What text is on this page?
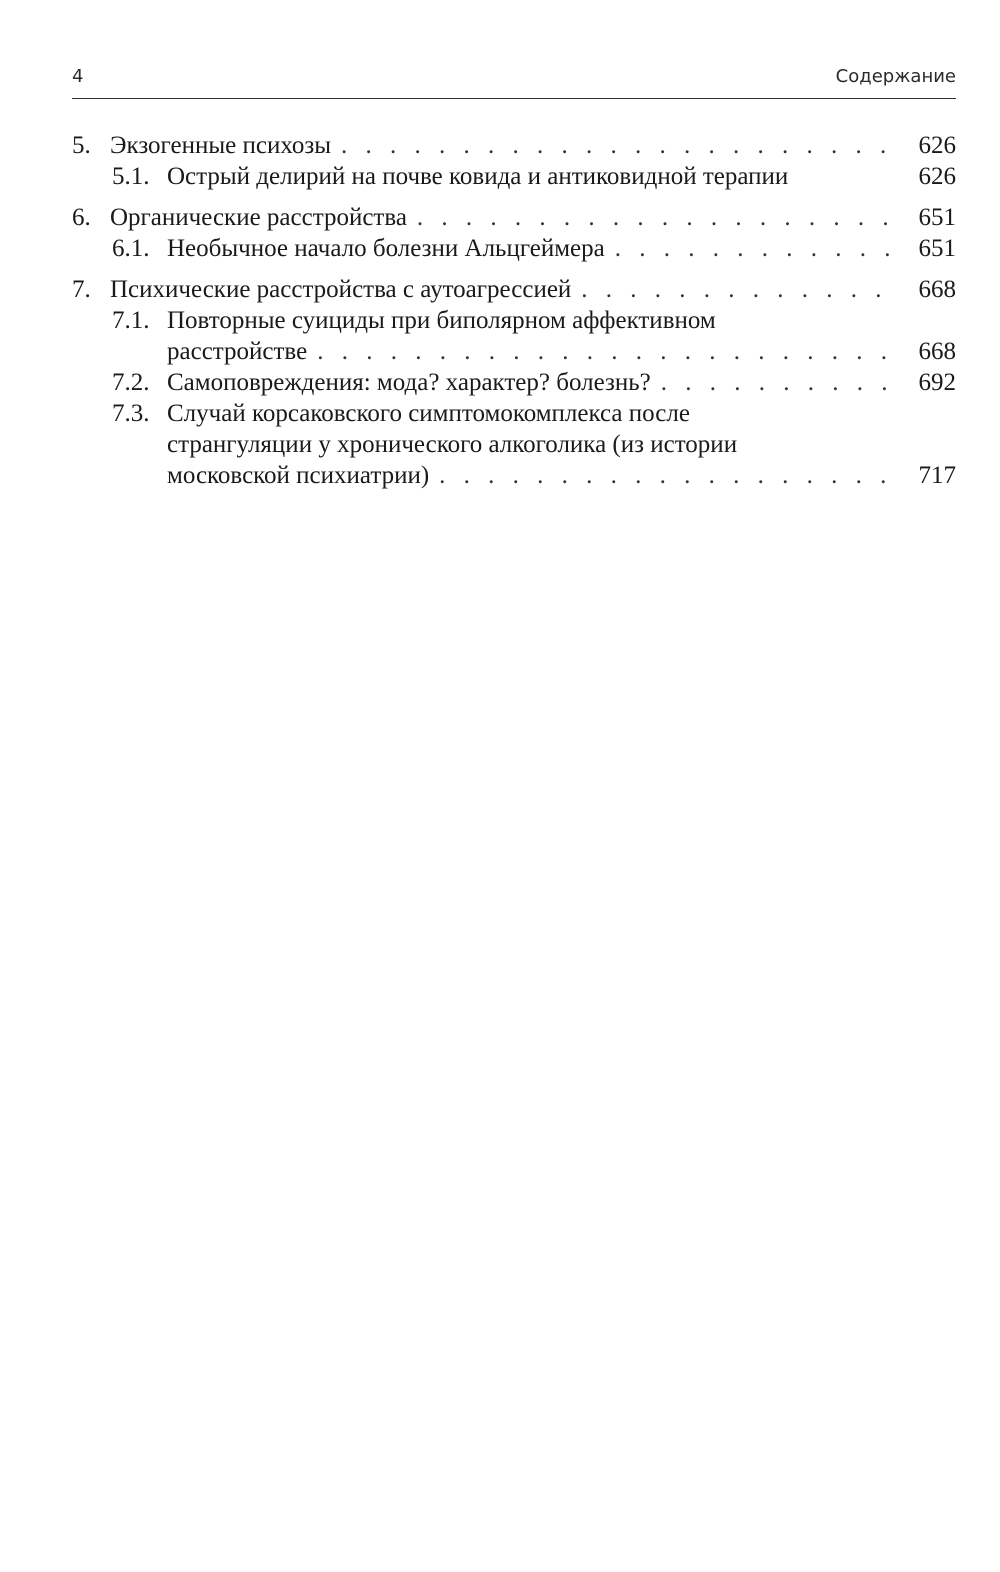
4	Содержание
5. Экзогенные психозы . . .	626
5.1. Острый делирий на почве ковида и антиковидной терапии	626
6. Органические расстройства . . .	651
6.1. Необычное начало болезни Альцгеймера . . .	651
7. Психические расстройства с аутоагрессией . . .	668
7.1. Повторные суициды при биполярном аффективном
расстройстве . . .	668
7.2. Самоповреждения: мода? характер? болезнь? . . .	692
7.3. Случай корсаковского симптомокомплекса после
странгуляции у хронического алкоголика (из истории
московской психиатрии) . . .	717
